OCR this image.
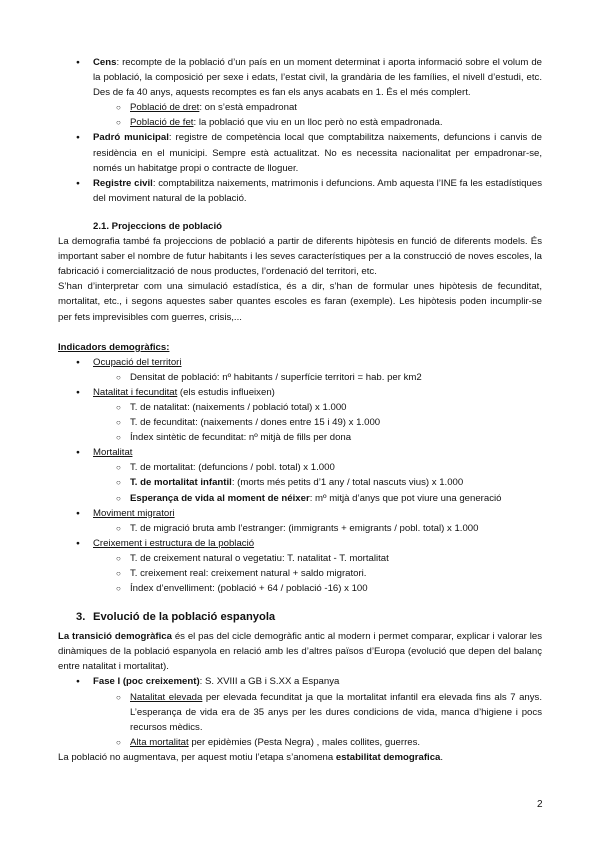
● Cens: recompte de la població d’un país en un moment determinat i aporta informació sobre el volum de la població, la composició per sexe i edats, l’estat civil, la grandària de les famílies, el nivell d’estudi, etc. Des de fa 40 anys, aquests recomptes es fan els anys acabats en 1. És el més complert.

○ Població de dret: on s’està empadronat

○ Població de fet: la població que viu en un lloc però no està empadronada.

● Padró municipal: registre de competència local que comptabilitza naixements, defuncions i canvis de residència en el municipi. Sempre està actualitzat. No es necessita nacionalitat per empadronar-se, només un habitatge propi o contracte de lloguer.

● Registre civil: comptabilitza naixements, matrimonis i defuncions. Amb aquesta l’INE fa les estadístiques del moviment natural de la població.

2.1. Projeccions de població

La demografia també fa projeccions de població a partir de diferents hipòtesis en funció de diferents models. És important saber el nombre de futur habitants i les seves característiques per a la construcció de noves escoles, la fabricació i comercialització de nous productes, l’ordenació del territori, etc.

S’han d’interpretar com una simulació estadística, és a dir, s’han de formular unes hipòtesis de fecunditat, mortalitat, etc., i segons aquestes saber quantes escoles es faran (exemple). Les hipòtesis poden incumplir-se per fets imprevisibles com guerres, crisis,...

Indicadors demogràfics:

● Ocupació del territori

○ Densitat de població: nº habitants / superfície territori = hab. per km2

● Natalitat i fecunditat (els estudis influeixen)

○ T. de natalitat: (naixements / població total) x 1.000

○ T. de fecunditat: (naixements / dones entre 15 i 49) x 1.000

○ Índex sintètic de fecunditat: nº mitjà de fills per dona

● Mortalitat

○ T. de mortalitat: (defuncions / pobl. total) x 1.000

○ T. de mortalitat infantil: (morts més petits d’1 any / total nascuts vius) x 1.000

○ Esperança de vida al moment de néixer: mº mitjà d’anys que pot viure una generació

● Moviment migratori

○ T. de migració bruta amb l’estranger: (immigrants + emigrants / pobl. total) x 1.000

● Creixement i estructura de la població

○ T. de creixement natural o vegetatiu: T. natalitat - T. mortalitat

○ T. creixement real: creixement natural + saldo migratori.

○ Índex d’envelliment: (població + 64 / població -16) x 100

3. Evolució de la població espanyola

La transició demogràfica és el pas del cicle demogràfic antic al modern i permet comparar, explicar i valorar les dinàmiques de la població espanyola en relació amb les d’altres països d’Europa (evolució que depen del balanç entre natalitat i mortalitat).

● Fase I (poc creixement): S. XVIII a GB i S.XX a Espanya

○ Natalitat elevada per elevada fecunditat ja que la mortalitat infantil era elevada fins als 7 anys. L’esperança de vida era de 35 anys per les dures condicions de vida, manca d’higiene i pocs recursos mèdics.

○ Alta mortalitat per epidèmies (Pesta Negra) , males collites, guerres.

La població no augmentava, per aquest motiu l’etapa s’anomena estabilitat demografica.

2
